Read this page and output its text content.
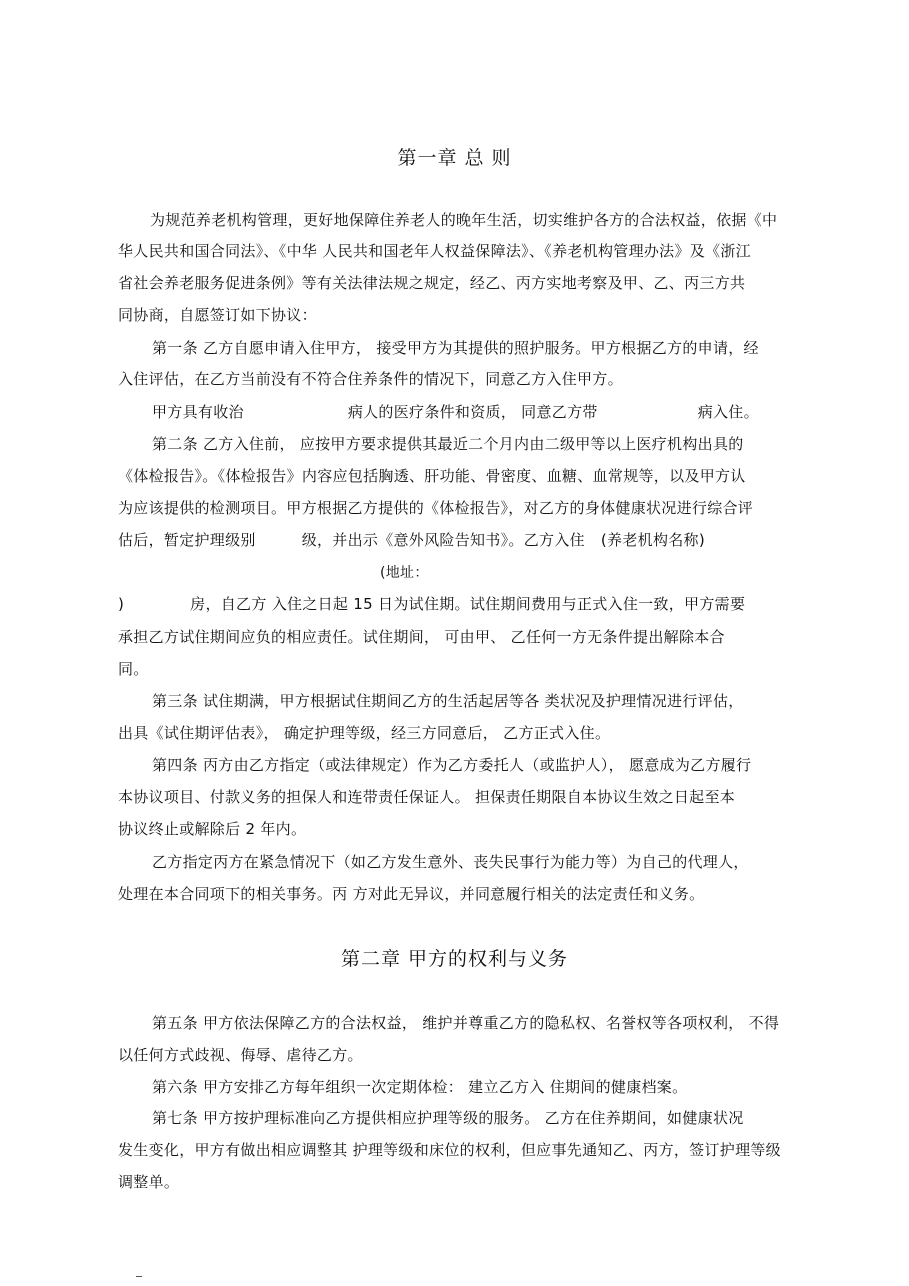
第一章 总 则
为规范养老机构管理，更好地保障住养老人的晚年生活，切实维护各方的合法权益，依据《中
华人民共和国合同法》、《中华 人民共和国老年人权益保障法》、《养老机构管理办法》及《浙江
省社会养老服务促进条例》等有关法律法规之规定，经乙、丙方实地考察及甲、乙、丙三方共
同协商，自愿签订如下协议：
第一条 乙方自愿申请入住甲方， 接受甲方为其提供的照护服务。甲方根据乙方的申请，经
入住评估，在乙方当前没有不符合住养条件的情况下，同意乙方入住甲方。
甲方具有收治	病人的医疗条件和资质， 同意乙方带	病入住。
第二条 乙方入住前， 应按甲方要求提供其最近二个月内由二级甲等以上医疗机构出具的
《体检报告》。《体检报告》内容应包括胸透、肝功能、骨密度、血糖、血常规等，以及甲方认
为应该提供的检测项目。甲方根据乙方提供的《体检报告》，对乙方的身体健康状况进行综合评
估后，暂定护理级别	级，并出示《意外风险告知书》。乙方入住 (养老机构名称)
(地址：
)	房，自乙方 入住之日起 15 日为试住期。试住期间费用与正式入住一致，甲方需要
承担乙方试住期间应负的相应责任。试住期间， 可由甲、 乙任何一方无条件提出解除本合
同。
第三条 试住期满，甲方根据试住期间乙方的生活起居等各 类状况及护理情况进行评估，
出具《试住期评估表》， 确定护理等级，经三方同意后， 乙方正式入住。
第四条 丙方由乙方指定（或法律规定）作为乙方委托人（或监护人）， 愿意成为乙方履行
本协议项目、付款义务的担保人和连带责任保证人。 担保责任期限自本协议生效之日起至本
协议终止或解除后 2 年内。
乙方指定丙方在紧急情况下（如乙方发生意外、丧失民事行为能力等）为自己的代理人，
处理在本合同项下的相关事务。丙 方对此无异议，并同意履行相关的法定责任和义务。
第二章 甲方的权利与义务
第五条 甲方依法保障乙方的合法权益， 维护并尊重乙方的隐私权、名誉权等各项权利， 不得
以任何方式歧视、侮辱、虐待乙方。
第六条 甲方安排乙方每年组织一次定期体检： 建立乙方入 住期间的健康档案。
第七条 甲方按护理标准向乙方提供相应护理等级的服务。 乙方在住养期间，如健康状况
发生变化，甲方有做出相应调整其 护理等级和床位的权利，但应事先通知乙、丙方，签订护理等级
调整单。
